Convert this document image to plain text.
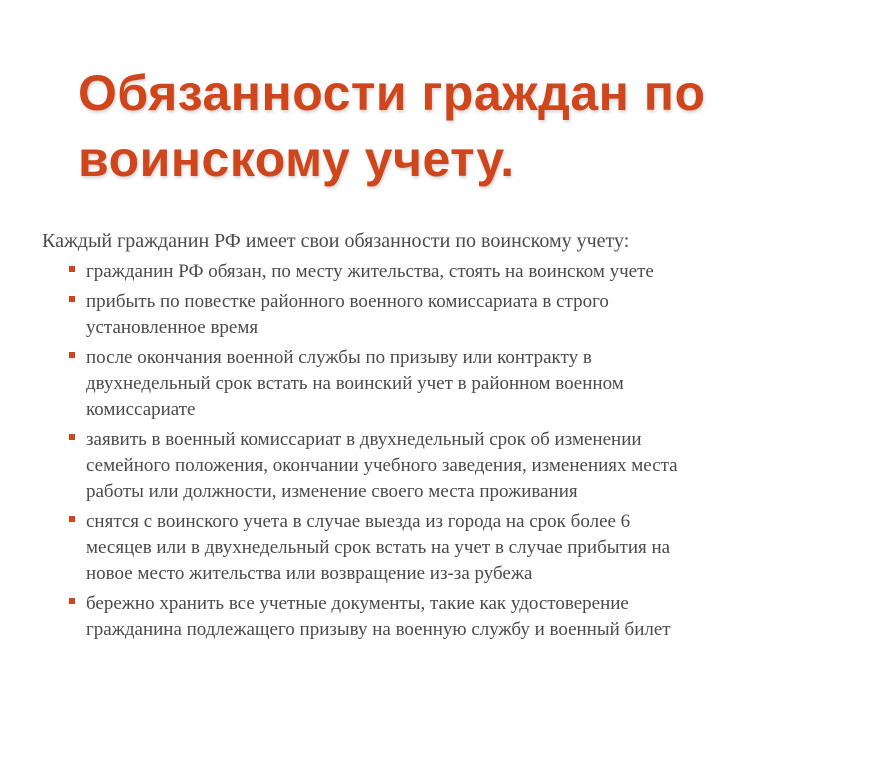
Обязанности граждан по
воинскому учету.

Каждый гражданин РФ имеет свои обязанности по воинскому учету:

гражданин РФ обязан, по месту жительства, стоять на воинском учете
прибыть по повестке районного военного комиссариата в строго
установленное время
после окончания военной службы по призыву или контракту в
двухнедельный срок встать на воинский учет в районном военном
комиссариате
заявить в военный комиссариат в двухнедельный срок об изменении
семейного положения, окончании учебного заведения, изменениях места
работы или должности, изменение своего места проживания
снятся с воинского учета в случае выезда из города на срок более 6
месяцев или в двухнедельный срок встать на учет в случае прибытия на
новое место жительства или возвращение из-за рубежа
бережно хранить все учетные документы, такие как удостоверение
гражданина подлежащего призыву на военную службу и военный билет
